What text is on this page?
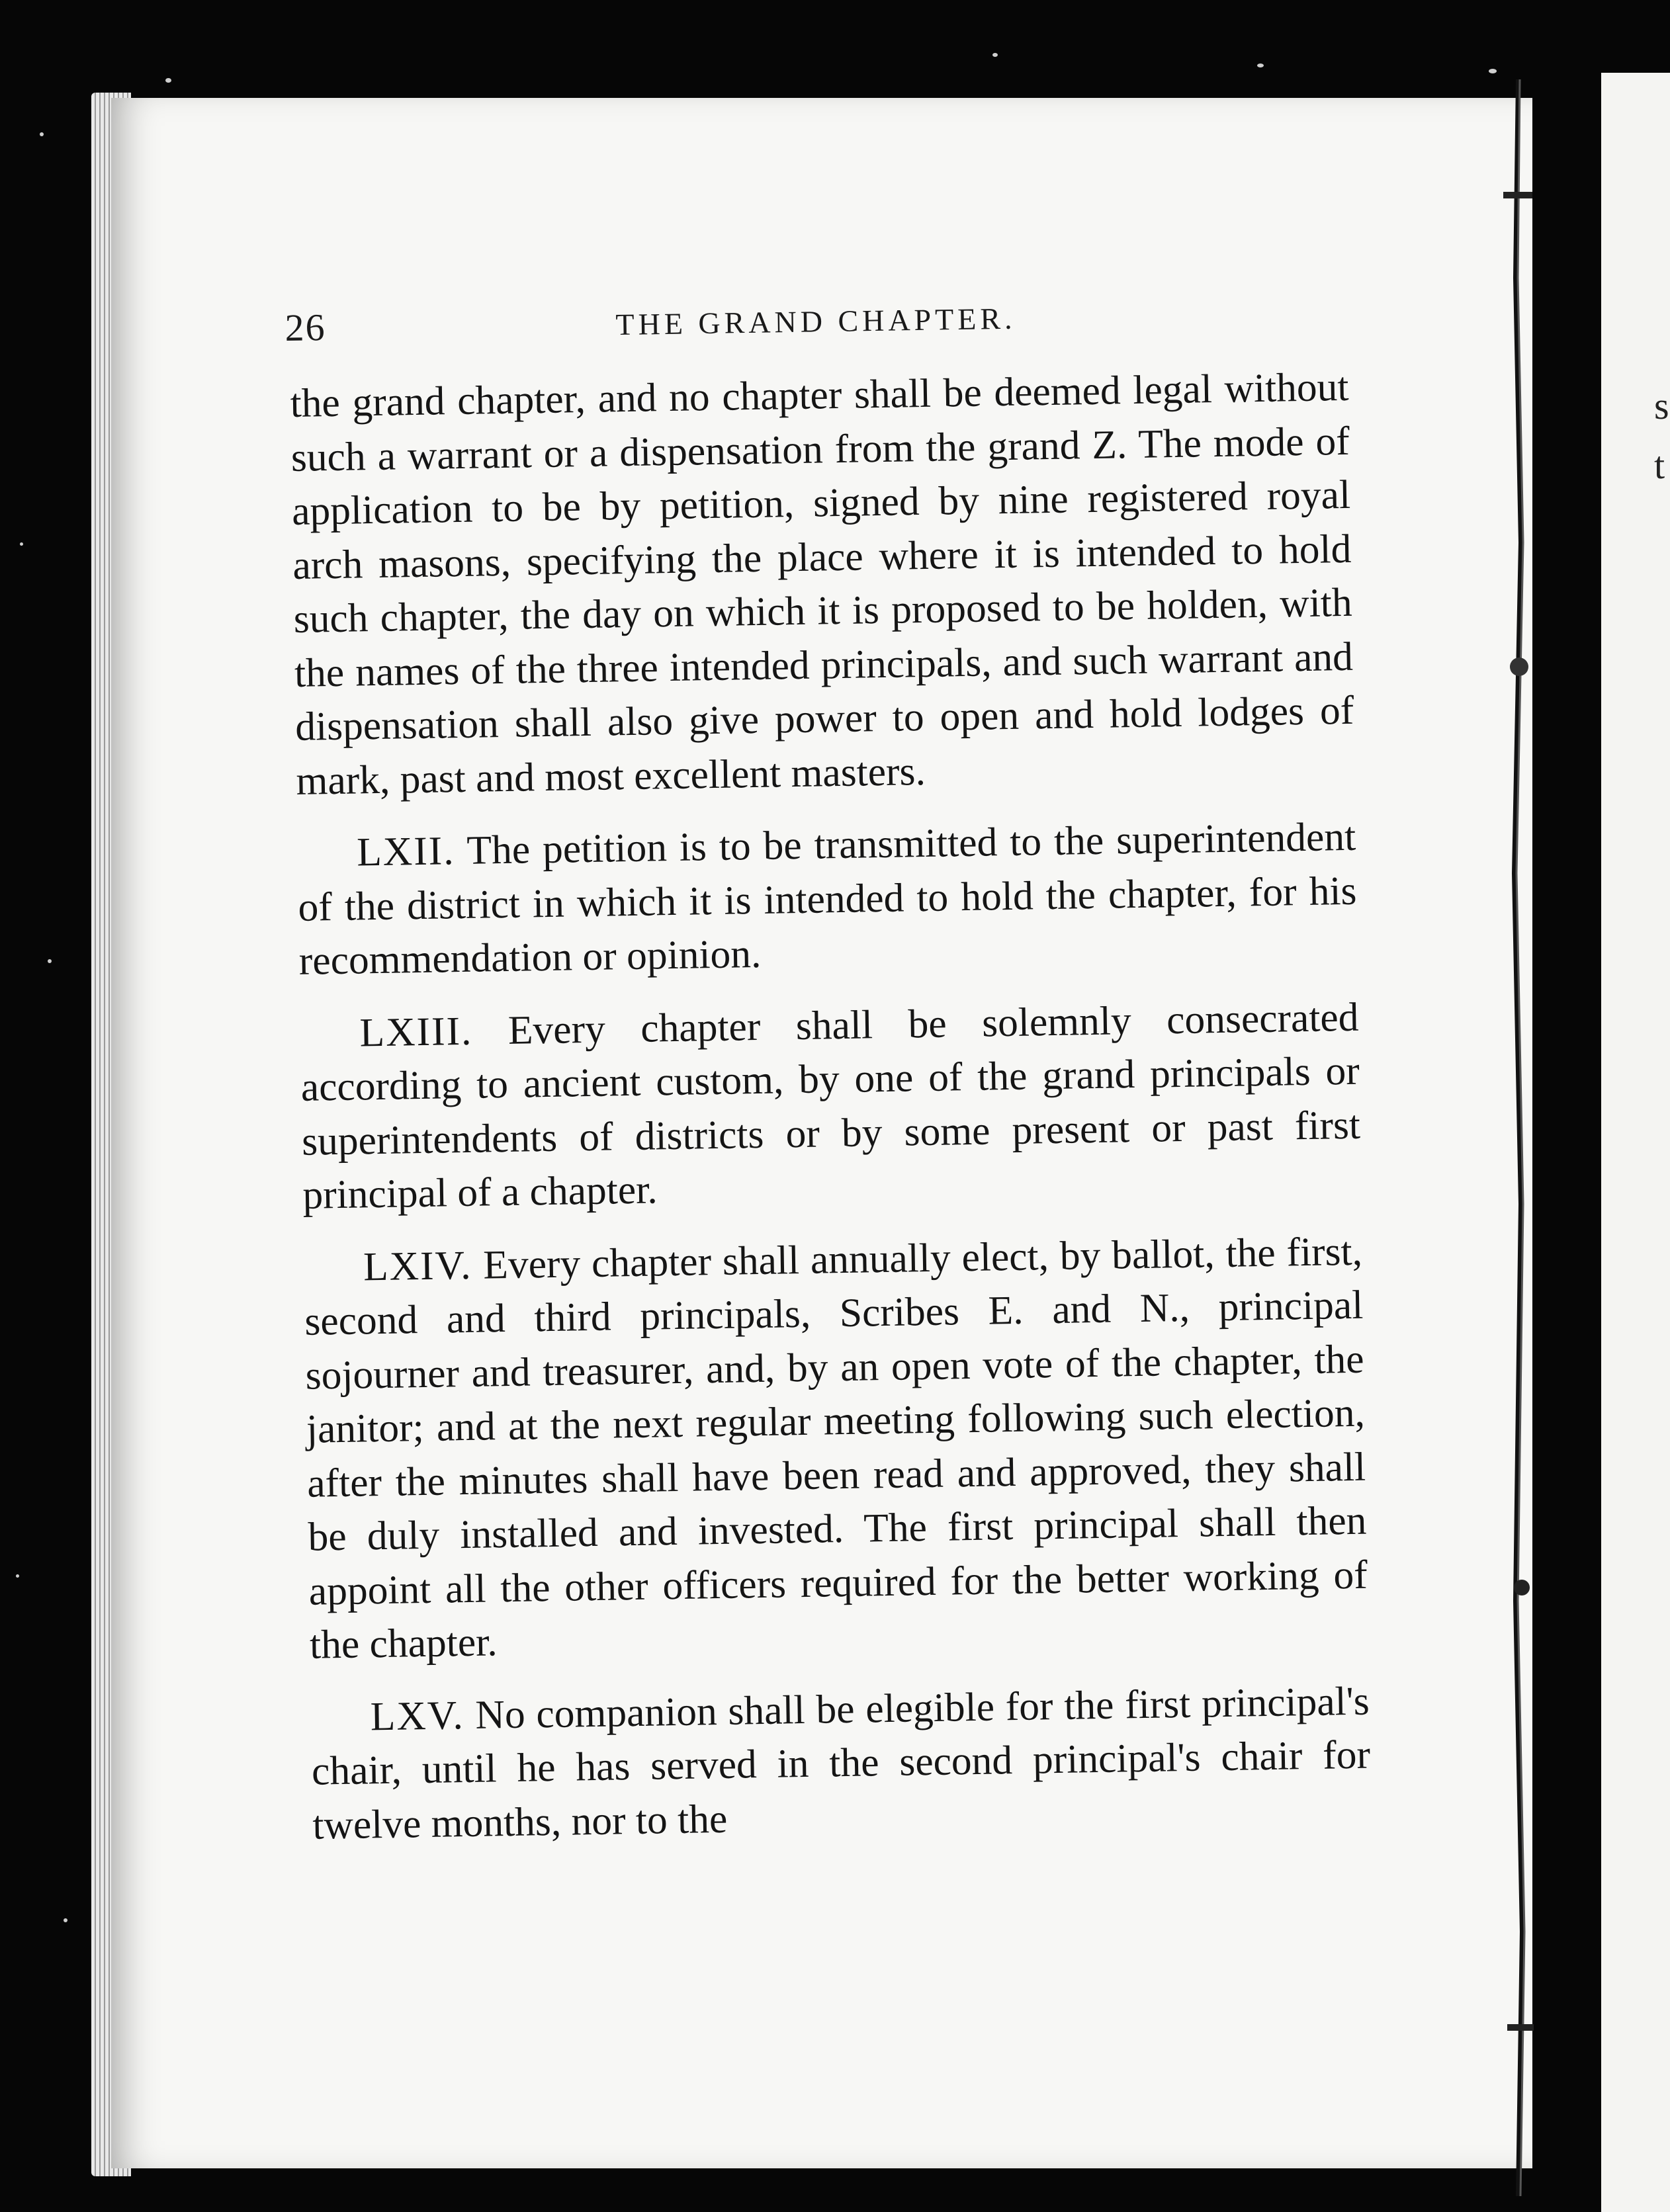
s
t
26	THE GRAND CHAPTER.

the grand chapter, and no chapter shall be deemed legal without such a warrant or a dispensation from the grand Z. The mode of application to be by petition, signed by nine registered royal arch masons, specifying the place where it is intended to hold such chapter, the day on which it is proposed to be holden, with the names of the three intended principals, and such warrant and dispensation shall also give power to open and hold lodges of mark, past and most excellent masters.

LXII. The petition is to be transmitted to the superintendent of the district in which it is intended to hold the chapter, for his recommendation or opinion.

LXIII. Every chapter shall be solemnly consecrated according to ancient custom, by one of the grand principals or superintendents of districts or by some present or past first principal of a chapter.

LXIV. Every chapter shall annually elect, by ballot, the first, second and third principals, Scribes E. and N., principal sojourner and treasurer, and, by an open vote of the chapter, the janitor; and at the next regular meeting following such election, after the minutes shall have been read and approved, they shall be duly installed and invested. The first principal shall then appoint all the other officers required for the better working of the chapter.

LXV. No companion shall be elegible for the first principal's chair, until he has served in the second principal's chair for twelve months, nor to the
